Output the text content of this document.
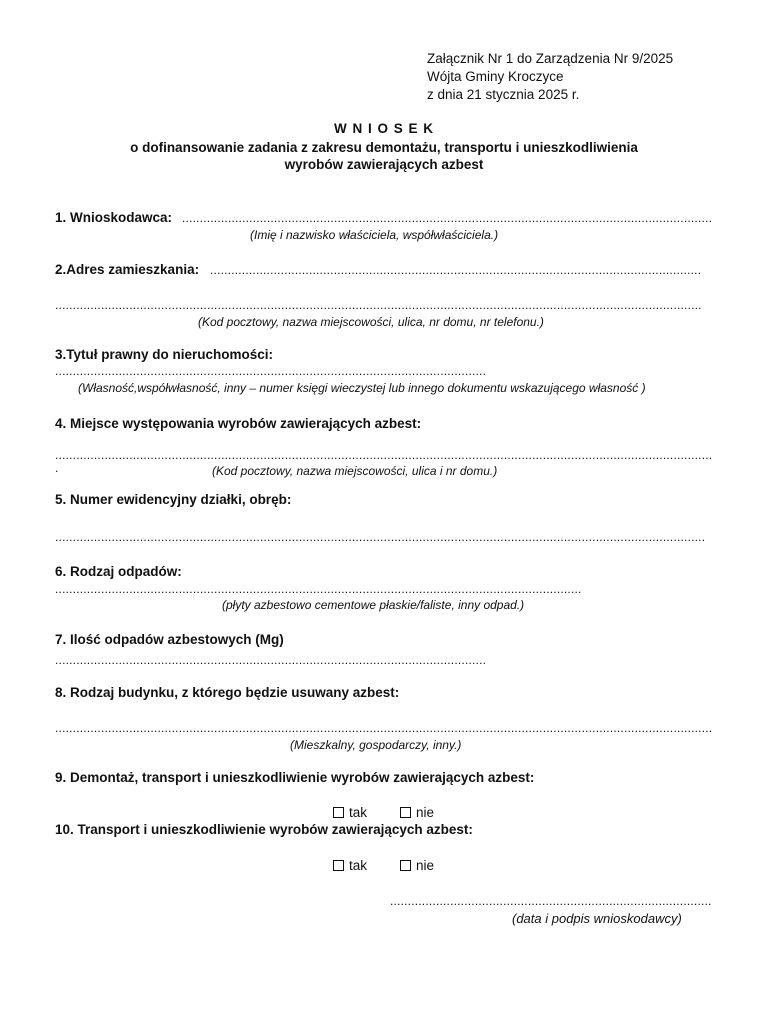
Załącznik Nr 1 do Zarządzenia Nr 9/2025
Wójta Gminy Kroczyce
z dnia 21 stycznia 2025 r.
W N I O S E K
o dofinansowanie zadania z zakresu demontażu, transportu i unieszkodliwienia
wyrobów zawierających azbest
1. Wnioskodawca:
.....
(Imię i nazwisko właściciela, współwłaściciela.)
2.Adres zamieszkania:
.....
.....
(Kod pocztowy, nazwa miejscowości, ulica, nr domu, nr telefonu.)
3.Tytuł prawny do nieruchomości:
.....
(Własność,współwłasność, inny – numer księgi wieczystej lub innego dokumentu wskazującego własność )
4. Miejsce występowania wyrobów zawierających azbest:
.....
.	(Kod pocztowy, nazwa miejscowości, ulica i nr domu.)
5. Numer ewidencyjny działki, obręb:
.....
6. Rodzaj odpadów:
.....
(płyty azbestowo cementowe płaskie/faliste, inny odpad.)
7. Ilość odpadów azbestowych (Mg)
.....
8. Rodzaj budynku, z którego będzie usuwany azbest:
.....
(Mieszkalny, gospodarczy, inny.)
9. Demontaż, transport i unieszkodliwienie wyrobów zawierających azbest:
tak	nie
10. Transport i unieszkodliwienie wyrobów zawierających azbest:
tak	nie
.....
(data i podpis wnioskodawcy)
